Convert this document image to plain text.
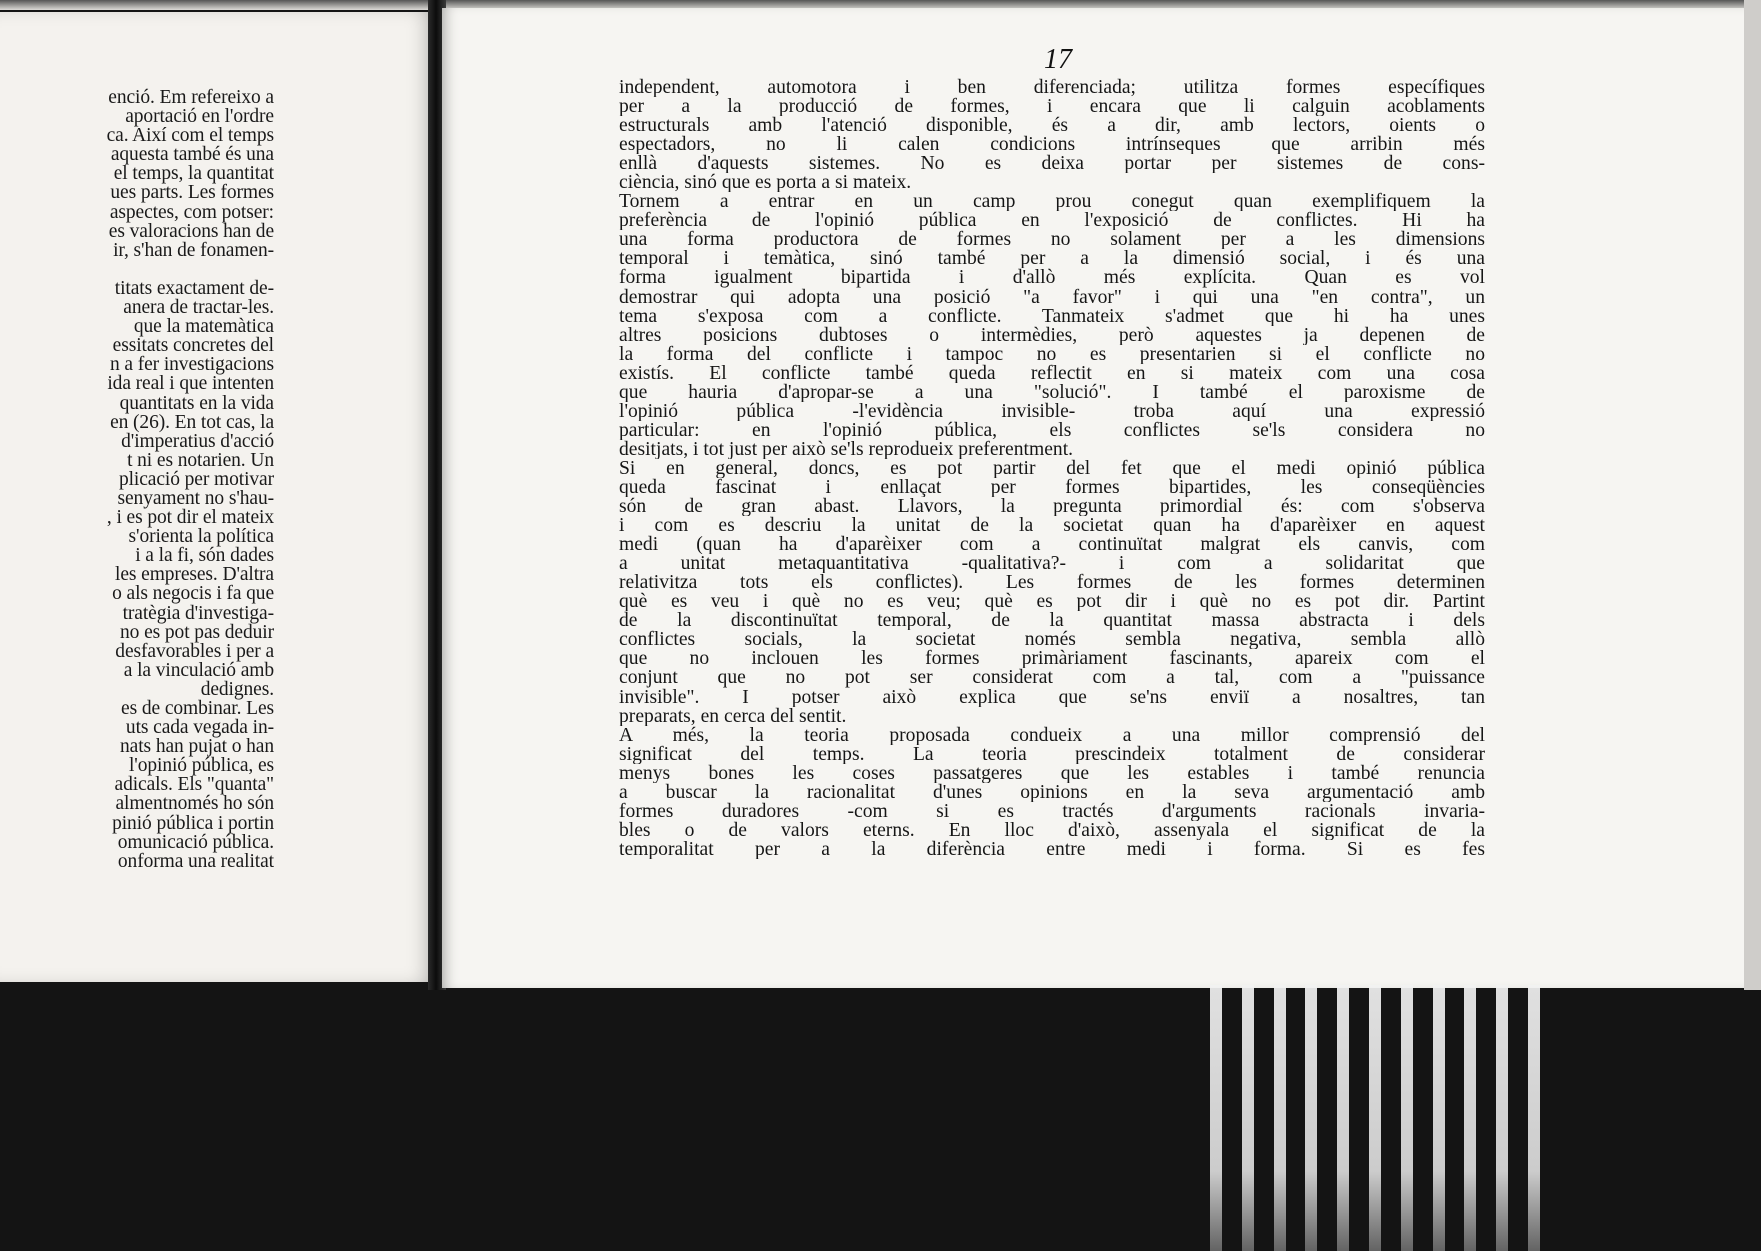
enció. Em refereixo a
aportació en l'ordre
ca. Així com el temps
aquesta també és una
el temps, la quantitat
ues parts. Les formes
aspectes, com potser:
es valoracions han de
ir, s'han de fonamen-

titats exactament de-
anera de tractar-les.
que la matemàtica
essitats concretes del
n a fer investigacions
ida real i que intenten
quantitats en la vida
en (26). En tot cas, la
d'imperatius d'acció
t ni es notarien. Un
plicació per motivar
senyament no s'hau-
, i es pot dir el mateix
s'orienta la política
i a la fi, són dades
les empreses. D'altra
o als negocis i fa que
tratègia d'investiga-
no es pot pas deduir
desfavorables i per a
a la vinculació amb
dedignes.
es de combinar. Les
uts cada vegada in-
nats han pujat o han
l'opinió pública, es
adicals. Els "quanta"
almentnomés ho són
pinió pública i portin
omunicació pública.
onforma una realitat
17
independent, automotora i ben diferenciada; utilitza formes específiques
per a la producció de formes, i encara que li calguin acoblaments
estructurals amb l'atenció disponible, és a dir, amb lectors, oients o
espectadors, no li calen condicions intrínseques que arribin més
enllà d'aquests sistemes. No es deixa portar per sistemes de cons-
ciència, sinó que es porta a si mateix.
Tornem a entrar en un camp prou conegut quan exemplifiquem la
preferència de l'opinió pública en l'exposició de conflictes. Hi ha
una forma productora de formes no solament per a les dimensions
temporal i temàtica, sinó també per a la dimensió social, i és una
forma igualment bipartida i d'allò més explícita. Quan es vol
demostrar qui adopta una posició "a favor" i qui una "en contra", un
tema s'exposa com a conflicte. Tanmateix s'admet que hi ha unes
altres posicions dubtoses o intermèdies, però aquestes ja depenen de
la forma del conflicte i tampoc no es presentarien si el conflicte no
existís. El conflicte també queda reflectit en si mateix com una cosa
que hauria d'apropar-se a una "solució". I també el paroxisme de
l'opinió pública -l'evidència invisible- troba aquí una expressió
particular: en l'opinió pública, els conflictes se'ls considera no
desitjats, i tot just per això se'ls reprodueix preferentment.
Si en general, doncs, es pot partir del fet que el medi opinió pública
queda fascinat i enllaçat per formes bipartides, les conseqüències
són de gran abast. Llavors, la pregunta primordial és: com s'observa
i com es descriu la unitat de la societat quan ha d'aparèixer en aquest
medi (quan ha d'aparèixer com a continuïtat malgrat els canvis, com
a unitat metaquantitativa -qualitativa?- i com a solidaritat que
relativitza tots els conflictes). Les formes de les formes determinen
què es veu i què no es veu; què es pot dir i què no es pot dir. Partint
de la discontinuïtat temporal, de la quantitat massa abstracta i dels
conflictes socials, la societat només sembla negativa, sembla allò
que no inclouen les formes primàriament fascinants, apareix com el
conjunt que no pot ser considerat com a tal, com a "puissance
invisible". I potser això explica que se'ns enviï a nosaltres, tan
preparats, en cerca del sentit.
A més, la teoria proposada condueix a una millor comprensió del
significat del temps. La teoria prescindeix totalment de considerar
menys bones les coses passatgeres que les estables i també renuncia
a buscar la racionalitat d'unes opinions en la seva argumentació amb
formes duradores -com si es tractés d'arguments racionals invaria-
bles o de valors eterns. En lloc d'això, assenyala el significat de la
temporalitat per a la diferència entre medi i forma. Si es fes
